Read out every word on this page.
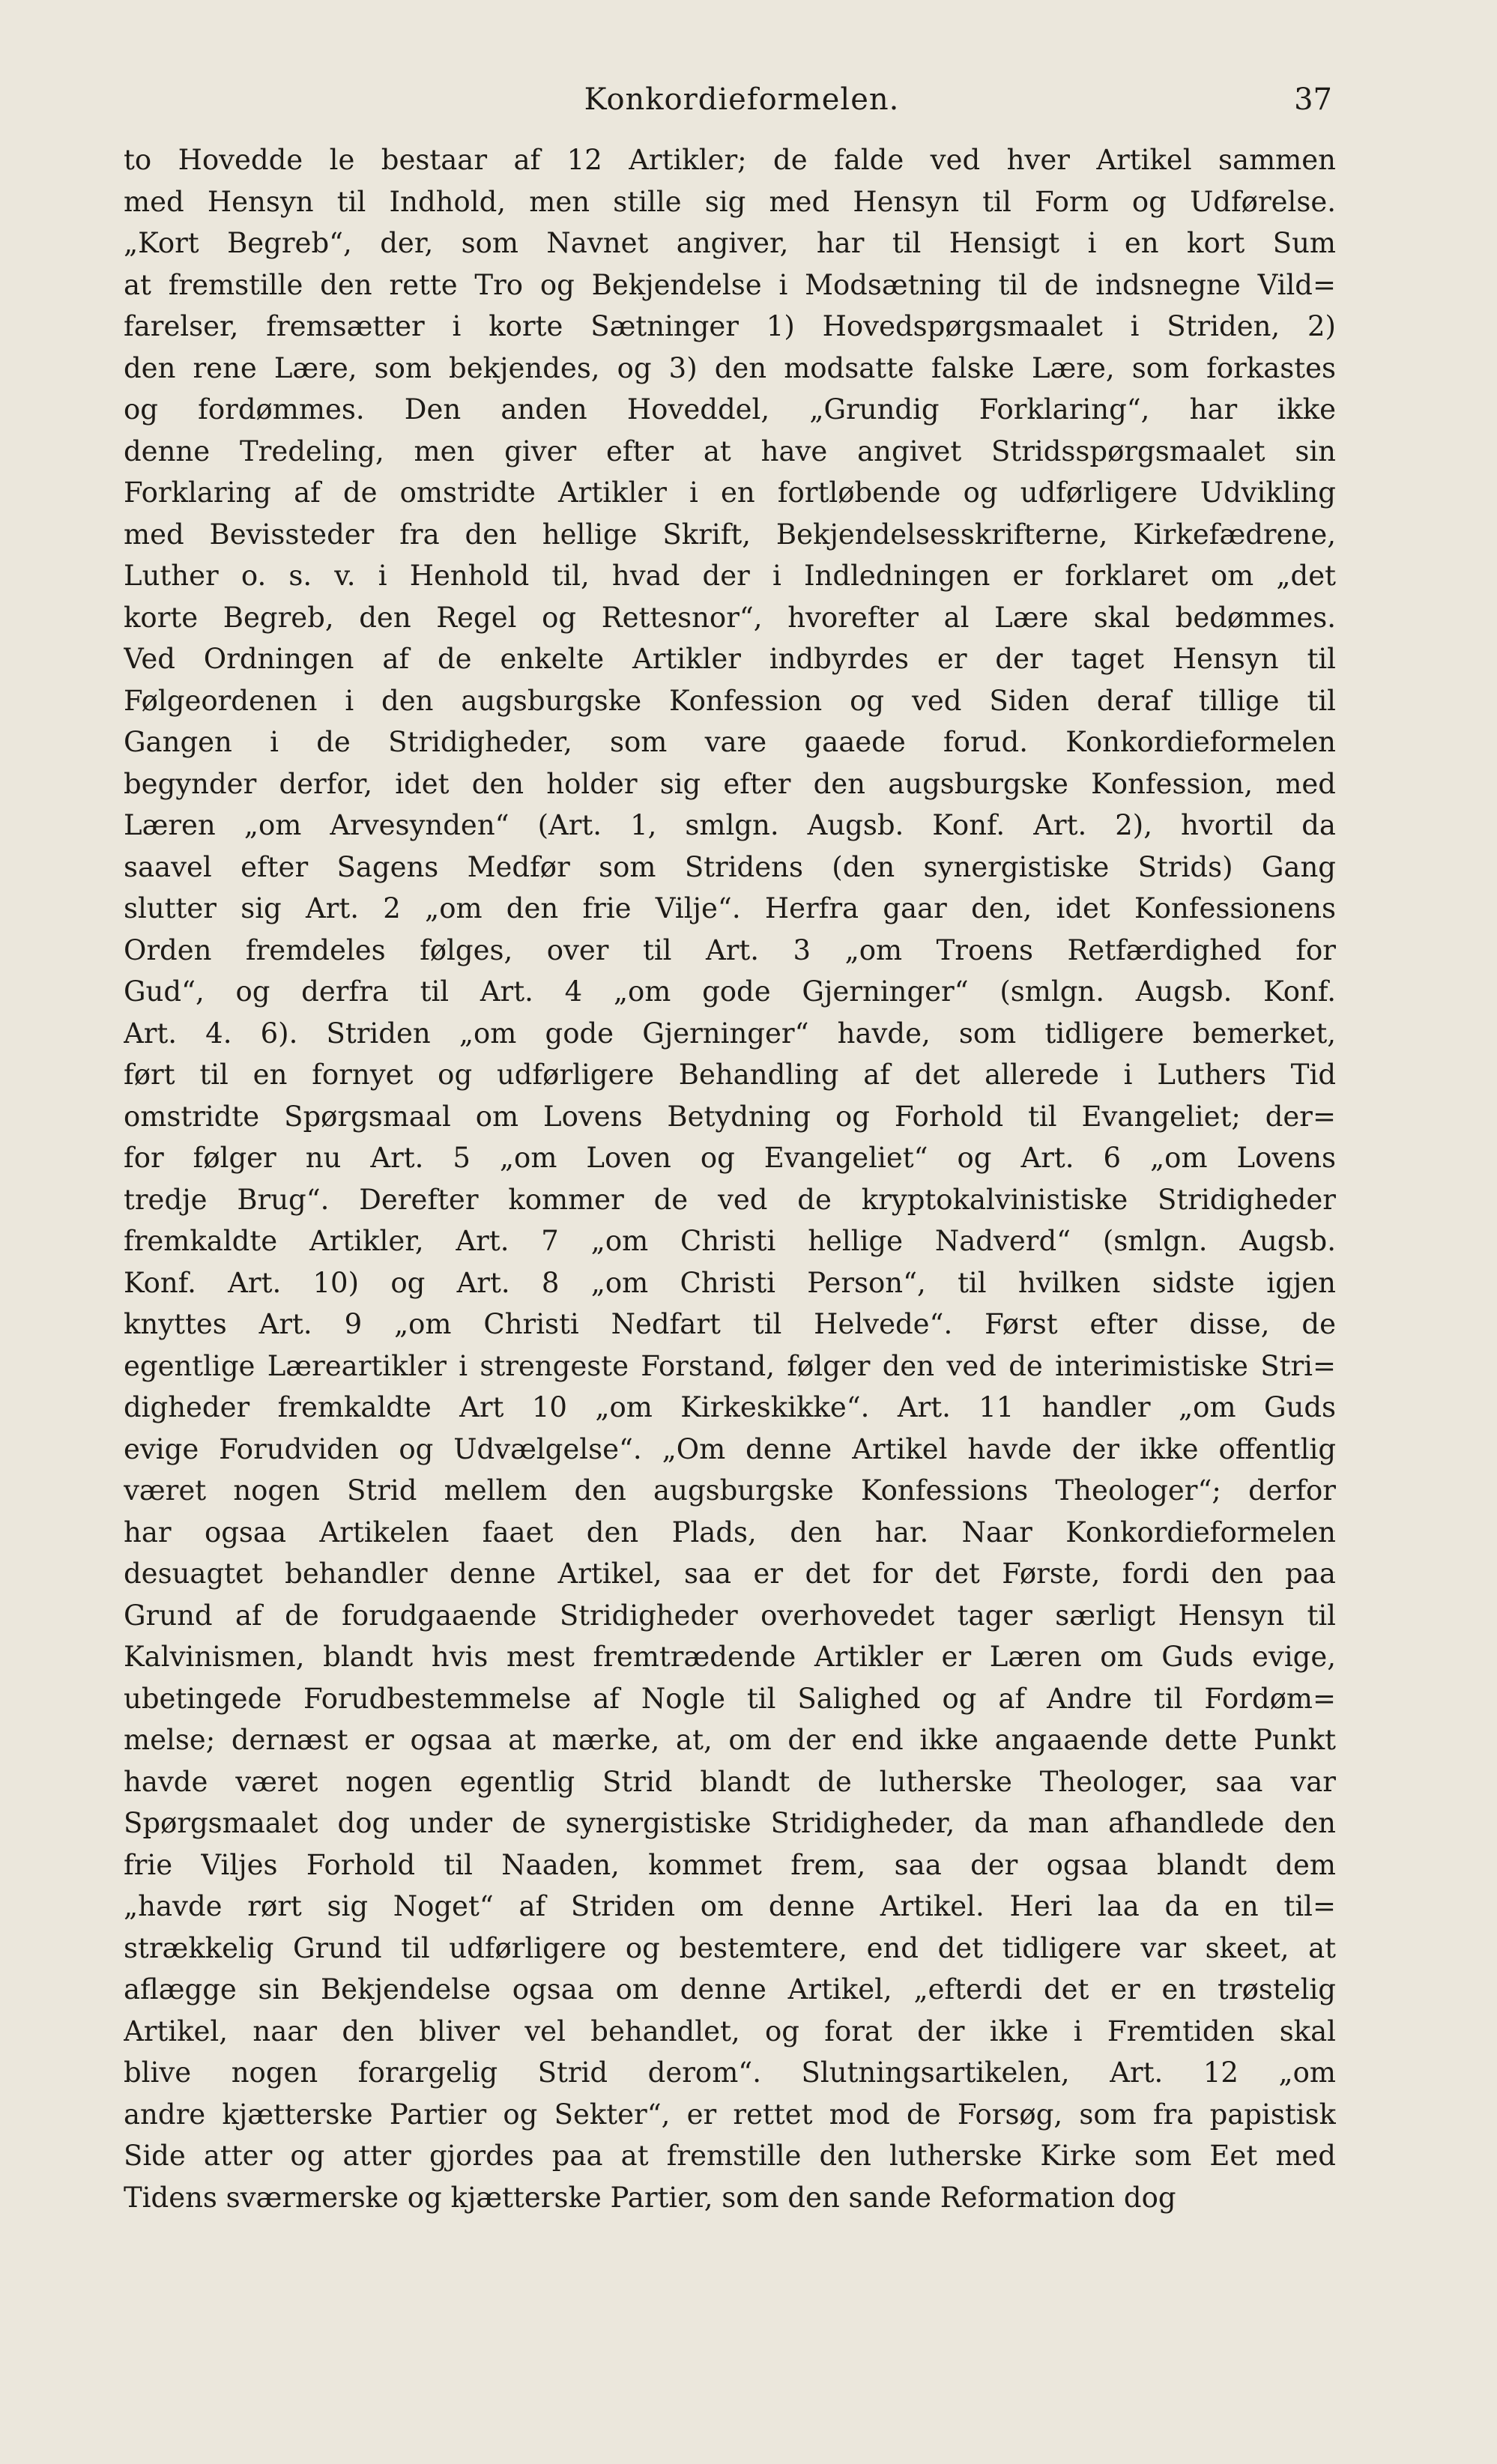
Konkordieformelen.	37
to Hovedde le bestaar af 12 Artikler; de falde ved hver Artikel sammen
med Hensyn til Indhold, men stille sig med Hensyn til Form og Udførelse.
„Kort Begreb“, der, som Navnet angiver, har til Hensigt i en kort Sum
at fremstille den rette Tro og Bekjendelse i Modsætning til de indsnegne Vild=
farelser, fremsætter i korte Sætninger 1) Hovedspørgsmaalet i Striden, 2)
den rene Lære, som bekjendes, og 3) den modsatte falske Lære, som forkastes
og fordømmes. Den anden Hoveddel, „Grundig Forklaring“, har ikke
denne Tredeling, men giver efter at have angivet Stridsspørgsmaalet sin
Forklaring af de omstridte Artikler i en fortløbende og udførligere Udvikling
med Bevissteder fra den hellige Skrift, Bekjendelsesskrifterne, Kirkefædrene,
Luther o. s. v. i Henhold til, hvad der i Indledningen er forklaret om „det
korte Begreb, den Regel og Rettesnor“, hvorefter al Lære skal bedømmes.
Ved Ordningen af de enkelte Artikler indbyrdes er der taget Hensyn til
Følgeordenen i den augsburgske Konfession og ved Siden deraf tillige til
Gangen i de Stridigheder, som vare gaaede forud. Konkordieformelen
begynder derfor, idet den holder sig efter den augsburgske Konfession, med
Læren „om Arvesynden“ (Art. 1, smlgn. Augsb. Konf. Art. 2), hvortil da
saavel efter Sagens Medfør som Stridens (den synergistiske Strids) Gang
slutter sig Art. 2 „om den frie Vilje“. Herfra gaar den, idet Konfessionens
Orden fremdeles følges, over til Art. 3 „om Troens Retfærdighed for
Gud“, og derfra til Art. 4 „om gode Gjerninger“ (smlgn. Augsb. Konf.
Art. 4. 6). Striden „om gode Gjerninger“ havde, som tidligere bemerket,
ført til en fornyet og udførligere Behandling af det allerede i Luthers Tid
omstridte Spørgsmaal om Lovens Betydning og Forhold til Evangeliet; der=
for følger nu Art. 5 „om Loven og Evangeliet“ og Art. 6 „om Lovens
tredje Brug“. Derefter kommer de ved de kryptokalvinistiske Stridigheder
fremkaldte Artikler, Art. 7 „om Christi hellige Nadverd“ (smlgn. Augsb.
Konf. Art. 10) og Art. 8 „om Christi Person“, til hvilken sidste igjen
knyttes Art. 9 „om Christi Nedfart til Helvede“. Først efter disse, de
egentlige Læreartikler i strengeste Forstand, følger den ved de interimistiske Stri=
digheder fremkaldte Art 10 „om Kirkeskikke“. Art. 11 handler „om Guds
evige Forudviden og Udvælgelse“. „Om denne Artikel havde der ikke offentlig
været nogen Strid mellem den augsburgske Konfessions Theologer“; derfor
har ogsaa Artikelen faaet den Plads, den har. Naar Konkordieformelen
desuagtet behandler denne Artikel, saa er det for det Første, fordi den paa
Grund af de forudgaaende Stridigheder overhovedet tager særligt Hensyn til
Kalvinismen, blandt hvis mest fremtrædende Artikler er Læren om Guds evige,
ubetingede Forudbestemmelse af Nogle til Salighed og af Andre til Fordøm=
melse; dernæst er ogsaa at mærke, at, om der end ikke angaaende dette Punkt
havde været nogen egentlig Strid blandt de lutherske Theologer, saa var
Spørgsmaalet dog under de synergistiske Stridigheder, da man afhandlede den
frie Viljes Forhold til Naaden, kommet frem, saa der ogsaa blandt dem
„havde rørt sig Noget“ af Striden om denne Artikel. Heri laa da en til=
strækkelig Grund til udførligere og bestemtere, end det tidligere var skeet, at
aflægge sin Bekjendelse ogsaa om denne Artikel, „efterdi det er en trøstelig
Artikel, naar den bliver vel behandlet, og forat der ikke i Fremtiden skal
blive nogen forargelig Strid derom“. Slutningsartikelen, Art. 12 „om
andre kjætterske Partier og Sekter“, er rettet mod de Forsøg, som fra papistisk
Side atter og atter gjordes paa at fremstille den lutherske Kirke som Eet med
Tidens sværmerske og kjætterske Partier, som den sande Reformation dog
